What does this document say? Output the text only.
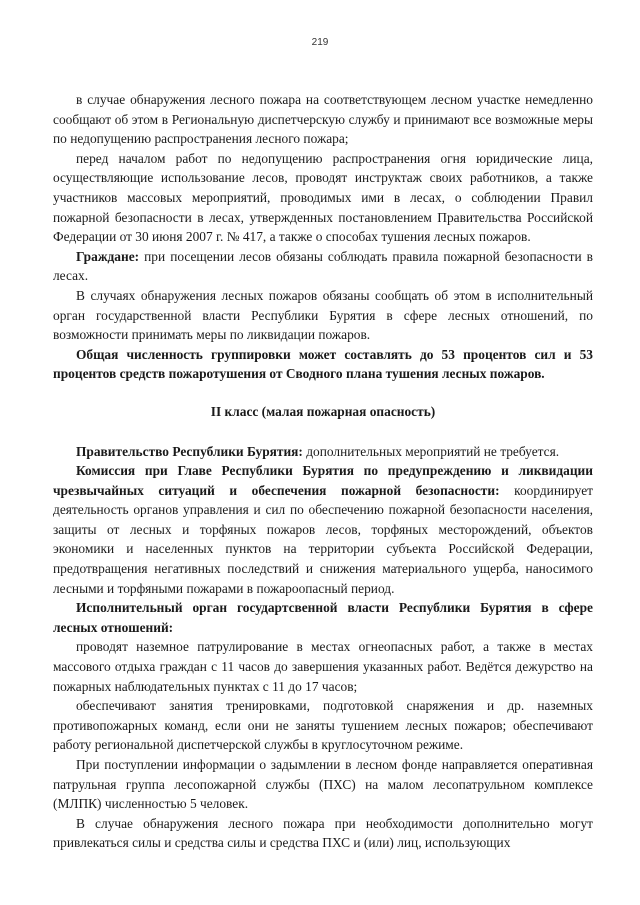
219

в случае обнаружения лесного пожара на соответствующем лесном участке немедленно сообщают об этом в Региональную диспетчерскую службу и принимают все возможные меры по недопущению распространения лесного пожара;

перед началом работ по недопущению распространения огня юридические лица, осуществляющие использование лесов, проводят инструктаж своих работников, а также участников массовых мероприятий, проводимых ими в лесах, о соблюдении Правил пожарной безопасности в лесах, утвержденных постановлением Правительства Российской Федерации от 30 июня 2007 г. № 417, а также о способах тушения лесных пожаров.

Граждане: при посещении лесов обязаны соблюдать правила пожарной безопасности в лесах.

В случаях обнаружения лесных пожаров обязаны сообщать об этом в исполнительный орган государственной власти Республики Бурятия в сфере лесных отношений, по возможности принимать меры по ликвидации пожаров.

Общая численность группировки может составлять до 53 процентов сил и 53 процентов средств пожаротушения от Сводного плана тушения лесных пожаров.

II класс (малая пожарная опасность)

Правительство Республики Бурятия: дополнительных мероприятий не требуется.

Комиссия при Главе Республики Бурятия по предупреждению и ликвидации чрезвычайных ситуаций и обеспечения пожарной безопасности: координирует деятельность органов управления и сил по обеспечению пожарной безопасности населения, защиты от лесных и торфяных пожаров лесов, торфяных месторождений, объектов экономики и населенных пунктов на территории субъекта Российской Федерации, предотвращения негативных последствий и снижения материального ущерба, наносимого лесными и торфяными пожарами в пожароопасный период.

Исполнительный орган государтсвенной власти Республики Бурятия в сфере лесных отношений:

проводят наземное патрулирование в местах огнеопасных работ, а также в местах массового отдыха граждан с 11 часов до завершения указанных работ. Ведётся дежурство на пожарных наблюдательных пунктах с 11 до 17 часов;

обеспечивают занятия тренировками, подготовкой снаряжения и др. наземных противопожарных команд, если они не заняты тушением лесных пожаров; обеспечивают работу региональной диспетчерской службы в круглосуточном режиме.

При поступлении информации о задымлении в лесном фонде направляется оперативная патрульная группа лесопожарной службы (ПХС) на малом лесопатрульном комплексе (МЛПК) численностью 5 человек.

В случае обнаружения лесного пожара при необходимости дополнительно могут привлекаться силы и средства силы и средства ПХС и (или) лиц, использующих
